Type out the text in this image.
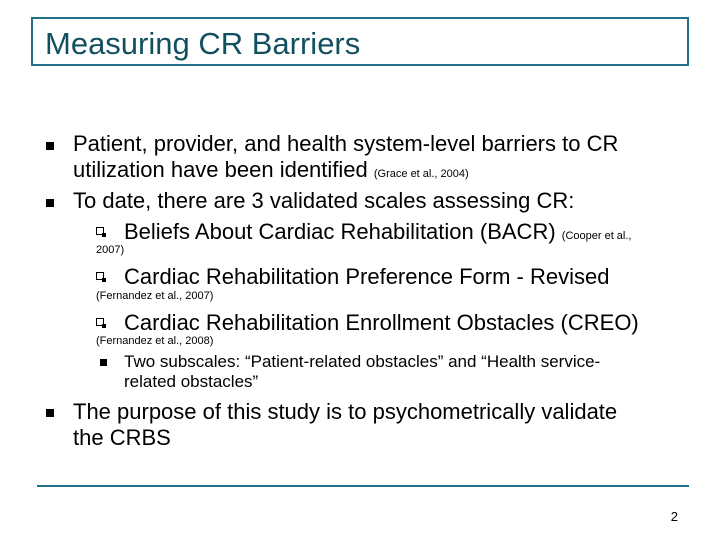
Measuring CR Barriers
Patient, provider, and health system-level barriers to CR
utilization have been identified (Grace et al., 2004)
To date, there are 3 validated scales assessing CR:
Beliefs About Cardiac Rehabilitation (BACR) (Cooper et al.,
2007)
Cardiac Rehabilitation Preference Form - Revised
(Fernandez et al., 2007)
Cardiac Rehabilitation Enrollment Obstacles (CREO)
(Fernandez et al., 2008)
Two subscales: “Patient-related obstacles” and “Health service-
related obstacles”
The purpose of this study is to psychometrically validate
the CRBS
2
